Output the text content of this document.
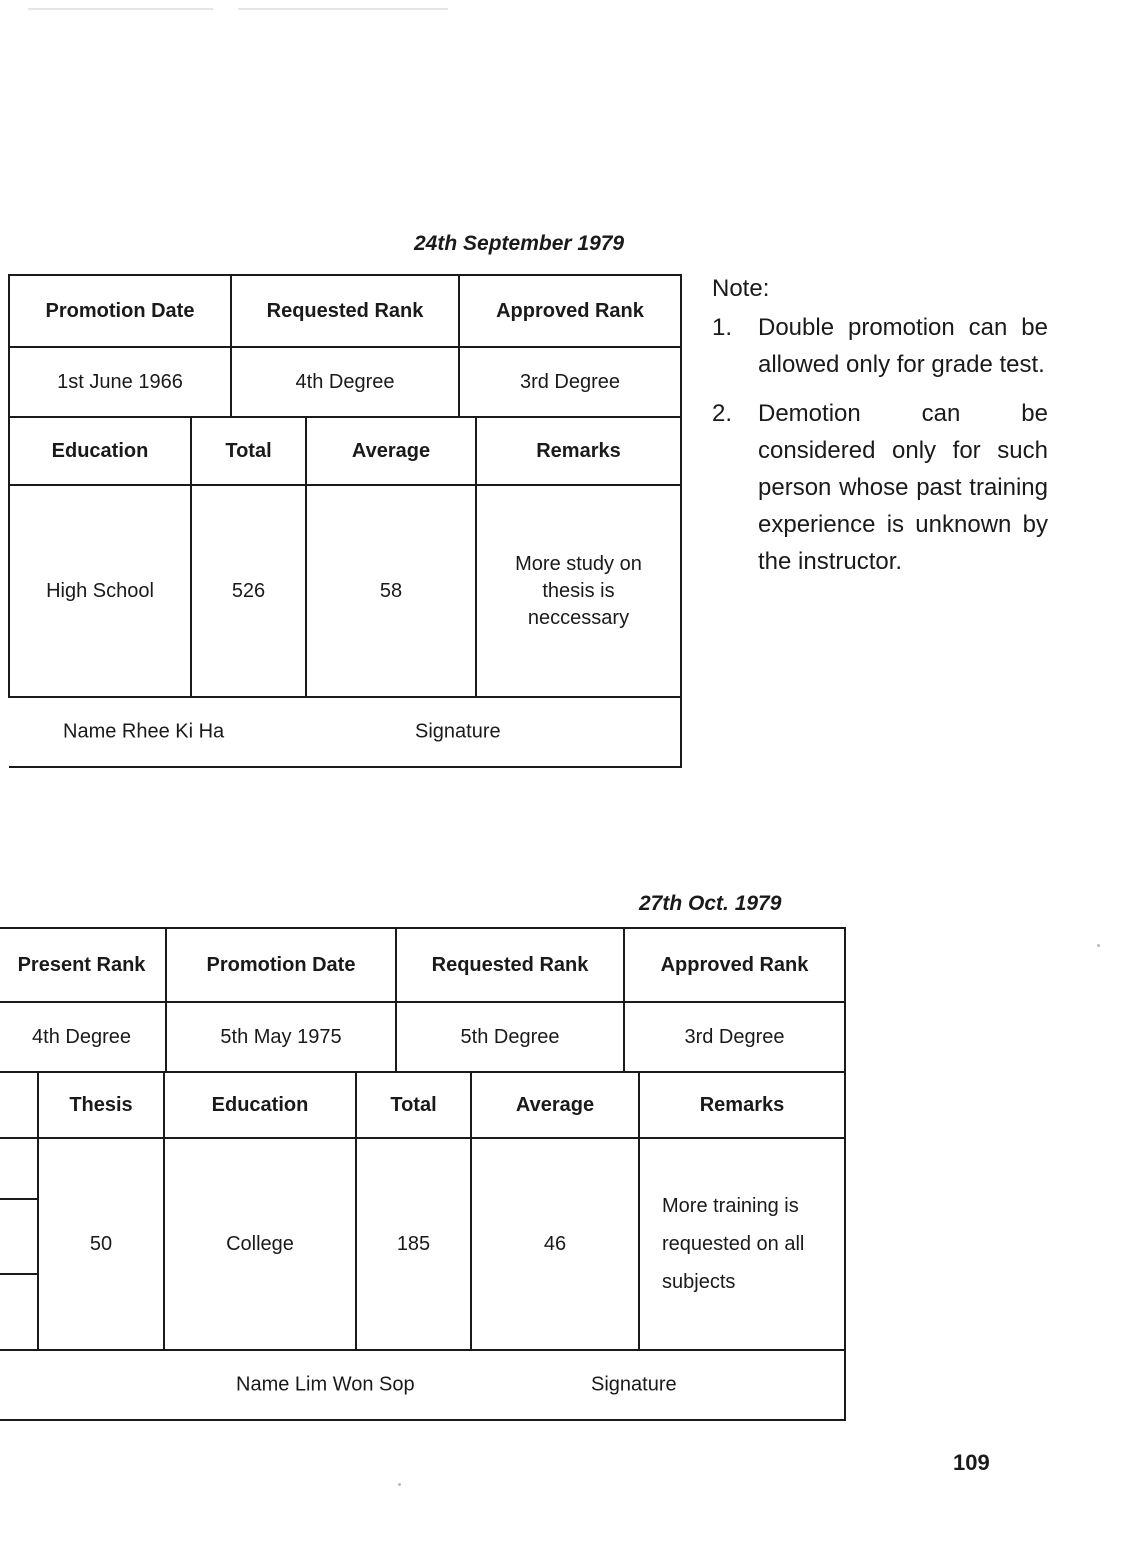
24th September 1979
Promotion Date	Requested Rank	Approved Rank
1st June 1966	4th Degree	3rd Degree
Education	Total	Average	Remarks
High School	526	58	More study on thesis is neccessary

Name Rhee Ki Ha Signature			
Note:
1.	Double promotion can be allowed only for grade test.
2.	Demotion can be considered only for such person whose past training experience is unknown by the instructor.
27th Oct. 1979
Present Rank	Promotion Date	Requested Rank	Approved Rank
4th Degree	5th May 1975	5th Degree	3rd Degree
	Thesis	Education	Total	Average	Remarks
	50	College	185	46	More training is requested on all subjects

Name Lim Won Sop Signature					
109
